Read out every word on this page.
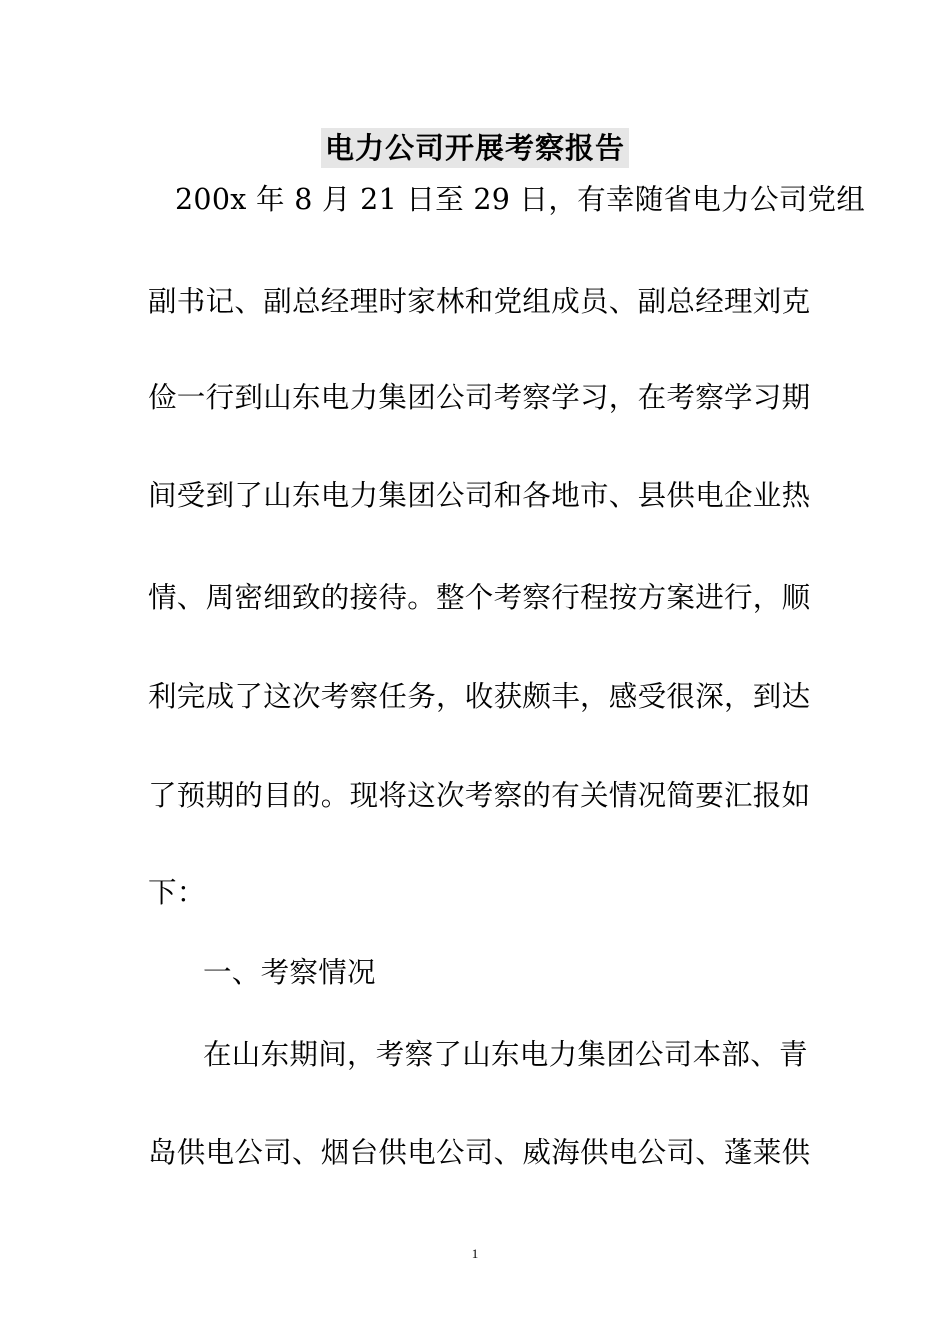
电力公司开展考察报告
200x 年 8 月 21 日至 29 日，有幸随省电力公司党组
副书记、副总经理时家林和党组成员、副总经理刘克
俭一行到山东电力集团公司考察学习，在考察学习期
间受到了山东电力集团公司和各地市、县供电企业热
情、周密细致的接待。整个考察行程按方案进行，顺
利完成了这次考察任务，收获颇丰，感受很深，到达
了预期的目的。现将这次考察的有关情况简要汇报如
下：
一、考察情况
在山东期间，考察了山东电力集团公司本部、青
岛供电公司、烟台供电公司、威海供电公司、蓬莱供
1
